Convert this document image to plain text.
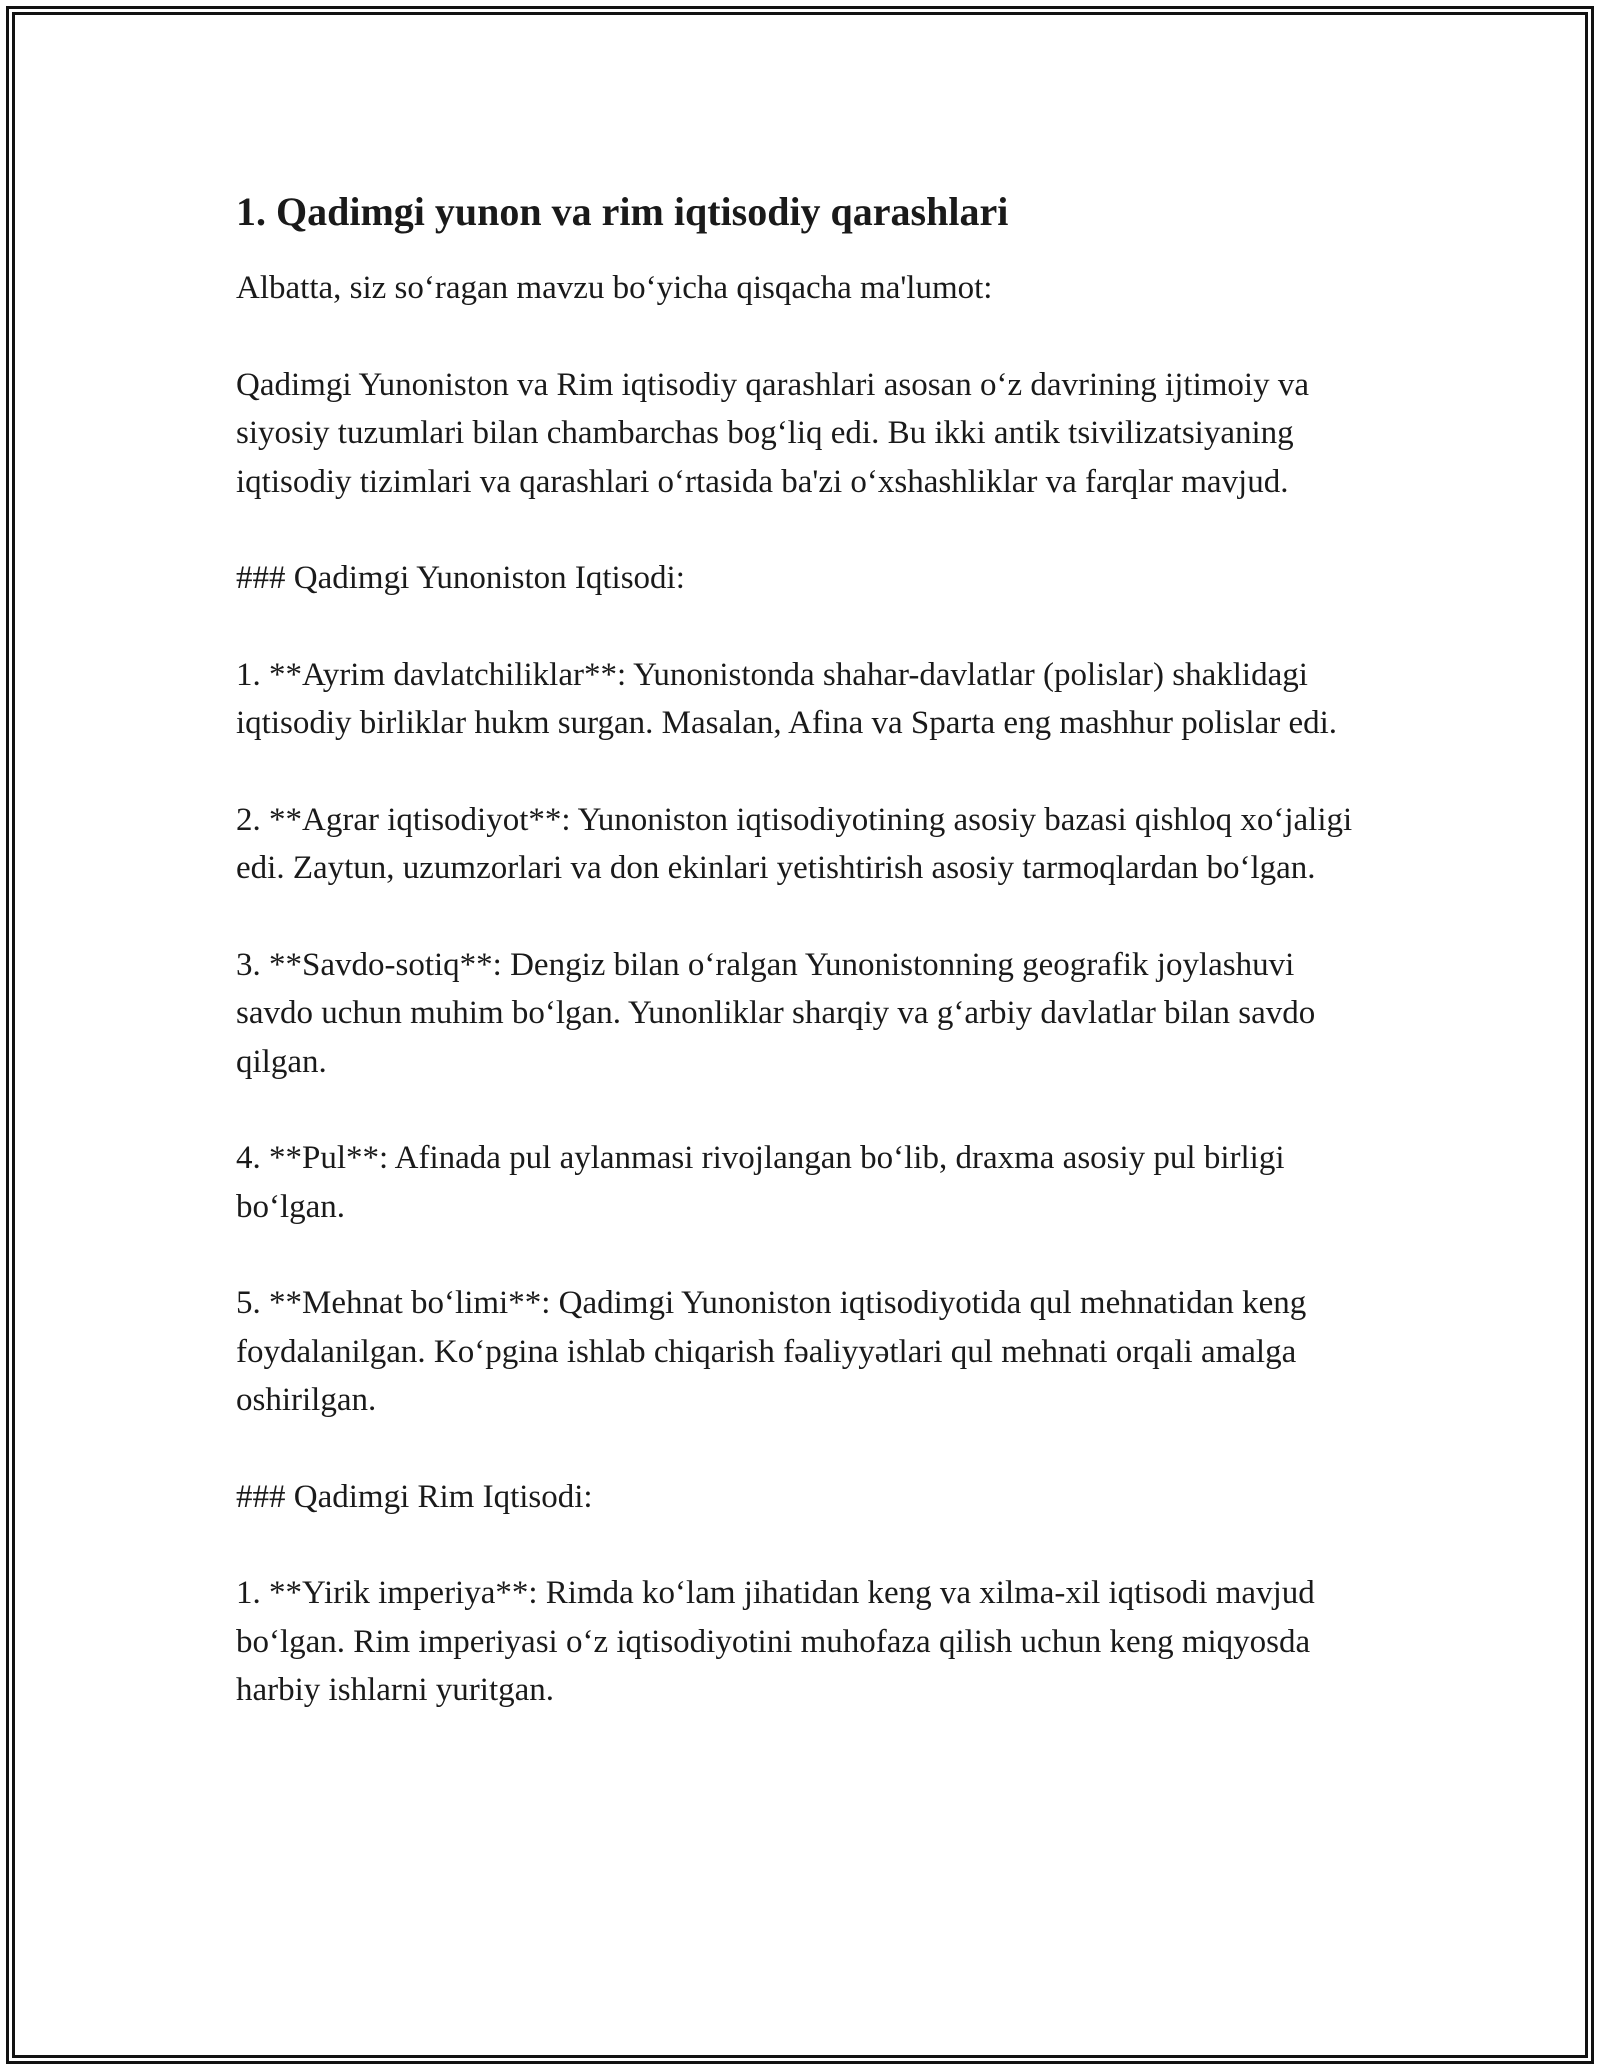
1. Qadimgi yunon va rim iqtisodiy qarashlari

Albatta, siz so‘ragan mavzu bo‘yicha qisqacha ma'lumot:

Qadimgi Yunoniston va Rim iqtisodiy qarashlari asosan o‘z davrining ijtimoiy va siyosiy tuzumlari bilan chambarchas bog‘liq edi. Bu ikki antik tsivilizatsiyaning iqtisodiy tizimlari va qarashlari o‘rtasida ba'zi o‘xshashliklar va farqlar mavjud.

### Qadimgi Yunoniston Iqtisodi:

1. **Ayrim davlatchiliklar**: Yunonistonda shahar-davlatlar (polislar) shaklidagi iqtisodiy birliklar hukm surgan. Masalan, Afina va Sparta eng mashhur polislar edi.

2. **Agrar iqtisodiyot**: Yunoniston iqtisodiyotining asosiy bazasi qishloq xo‘jaligi edi. Zaytun, uzumzorlari va don ekinlari yetishtirish asosiy tarmoqlardan bo‘lgan.

3. **Savdo-sotiq**: Dengiz bilan o‘ralgan Yunonistonning geografik joylashuvi savdo uchun muhim bo‘lgan. Yunonliklar sharqiy va g‘arbiy davlatlar bilan savdo qilgan.

4. **Pul**: Afinada pul aylanmasi rivojlangan bo‘lib, draxma asosiy pul birligi bo‘lgan.

5. **Mehnat bo‘limi**: Qadimgi Yunoniston iqtisodiyotida qul mehnatidan keng foydalanilgan. Ko‘pgina ishlab chiqarish fəaliyyətlari qul mehnati orqali amalga oshirilgan.

### Qadimgi Rim Iqtisodi:

1. **Yirik imperiya**: Rimda ko‘lam jihatidan keng va xilma-xil iqtisodi mavjud bo‘lgan. Rim imperiyasi o‘z iqtisodiyotini muhofaza qilish uchun keng miqyosda harbiy ishlarni yuritgan.
